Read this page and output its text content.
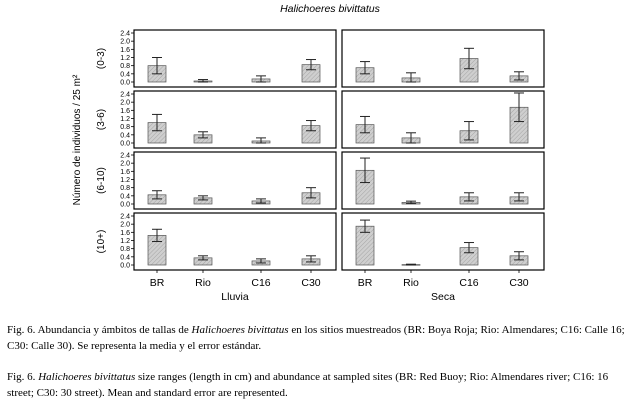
Halichoeres bivittatus
Número de individuos / 25 m²	0.0
0.4
0.8
1.2
1.6
2.0
2.4
(0-3)
0.0
0.4
0.8
1.2
1.6
2.0
2.4
(3-6)
0.0
0.4
0.8
1.2
1.6
2.0
2.4
(6-10)
0.0
0.4
0.8
1.2
1.6
2.0
2.4
(10+)
BR	Rio	C16	C30	BR	Rio	C16	C30
Lluvia	Seca

Fig. 6. Abundancia y ámbitos de tallas de Halichoeres bivittatus en los sitios muestreados (BR: Boya Roja; Rio: Almendares; C16: Calle 16; C30: Calle 30). Se representa la media y el error estándar.

Fig. 6. Halichoeres bivittatus size ranges (length in cm) and abundance at sampled sites (BR: Red Buoy; Rio: Almendares river; C16: 16 street; C30: 30 street). Mean and standard error are represented.
